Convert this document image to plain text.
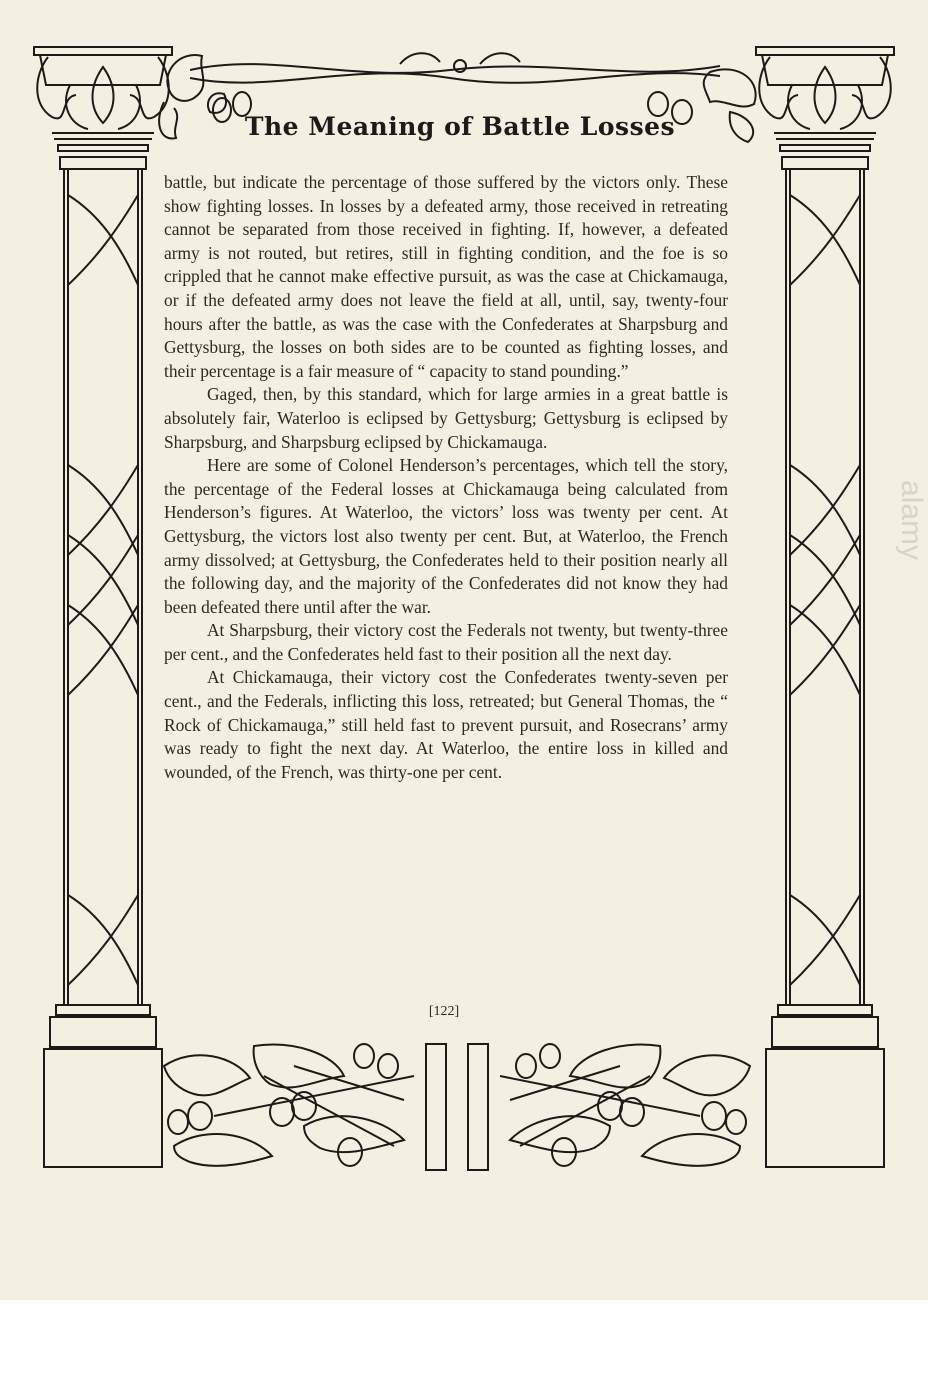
The Meaning of Battle Losses

battle, but indicate the percentage of those suffered by the victors only. These show fighting losses. In losses by a defeated army, those received in retreating cannot be separated from those received in fighting. If, however, a defeated army is not routed, but retires, still in fighting condition, and the foe is so crippled that he cannot make effective pursuit, as was the case at Chickamauga, or if the defeated army does not leave the field at all, until, say, twenty-four hours after the battle, as was the case with the Confederates at Sharpsburg and Gettysburg, the losses on both sides are to be counted as fighting losses, and their percentage is a fair measure of “ capacity to stand pounding.”

Gaged, then, by this standard, which for large armies in a great battle is absolutely fair, Waterloo is eclipsed by Gettysburg; Gettysburg is eclipsed by Sharpsburg, and Sharpsburg eclipsed by Chickamauga.

Here are some of Colonel Henderson’s percentages, which tell the story, the percentage of the Federal losses at Chickamauga being calculated from Henderson’s figures. At Waterloo, the victors’ loss was twenty per cent. At Gettysburg, the victors lost also twenty per cent. But, at Waterloo, the French army dissolved; at Gettysburg, the Confederates held to their position nearly all the following day, and the majority of the Confederates did not know they had been defeated there until after the war.

At Sharpsburg, their victory cost the Federals not twenty, but twenty-three per cent., and the Confederates held fast to their position all the next day.

At Chickamauga, their victory cost the Confederates twenty-seven per cent., and the Federals, inflicting this loss, retreated; but General Thomas, the “ Rock of Chickamauga,” still held fast to prevent pursuit, and Rosecrans’ army was ready to fight the next day. At Waterloo, the entire loss in killed and wounded, of the French, was thirty-one per cent.

[122]
alamy
